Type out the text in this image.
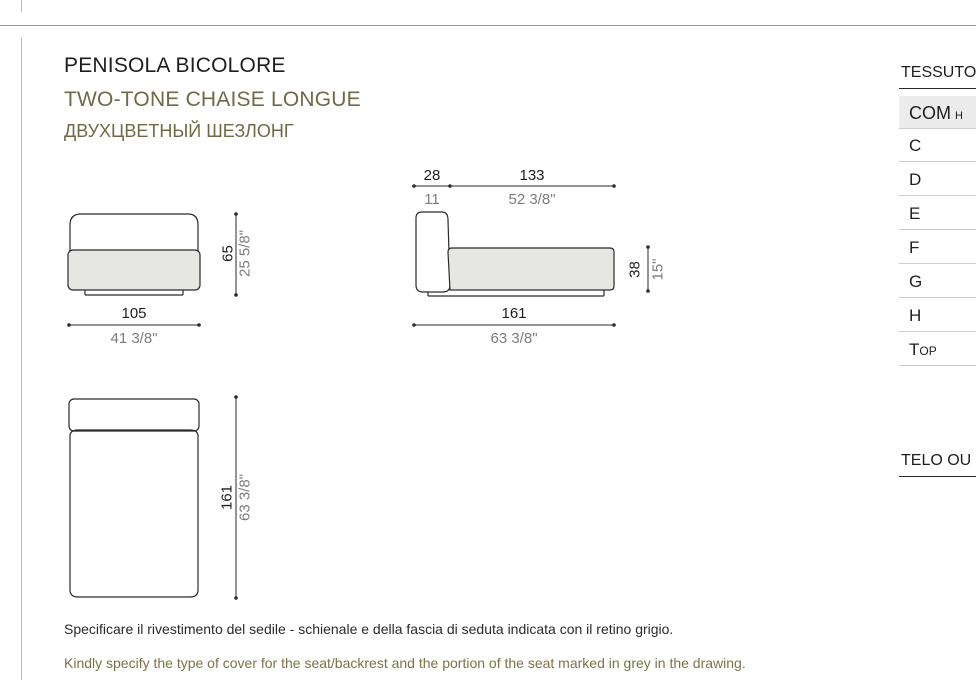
PENISOLA BICOLORE
TWO-TONE CHAISE LONGUE
ДВУХЦВЕТНЫЙ ШЕЗЛОНГ
65 25 5/8"
105
41 3/8"
28
11
133
52 3/8"
38 15"
161
63 3/8"
161 63 3/8"
TESSUTO
COM H
C
D
E
F
G
H
Top
TELO OU
Specificare il rivestimento del sedile - schienale e della fascia di seduta indicata con il retino grigio.
Kindly specify the type of cover for the seat/backrest and the portion of the seat marked in grey in the drawing.
